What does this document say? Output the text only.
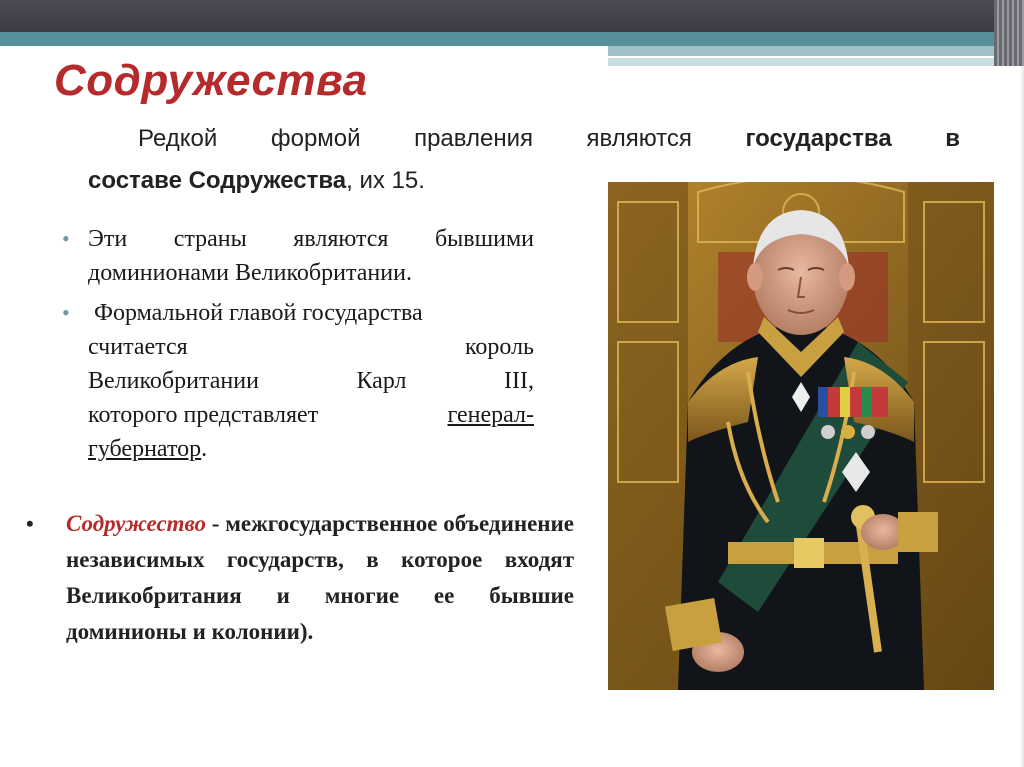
Содружества
Редкой формой правления являются государства в
составе Содружества, их 15.
• Эти страны являются бывшими
доминионами Великобритании.
• Формальной главой государства
считается	король
Великобритании	Карл	III,
которого представляет	генерал-
губернатор.
•	Содружество - межгосударственное объединение независимых государств, в которое входят Великобритания и многие ее бывшие доминионы и колонии).
